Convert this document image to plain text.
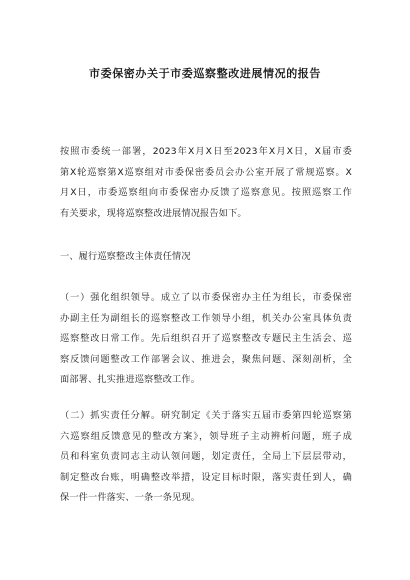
市委保密办关于市委巡察整改进展情况的报告
按照市委统一部署，2023年X月X日至2023年X月X日，X届市委
第X轮巡察第X巡察组对市委保密委员会办公室开展了常规巡察。X
月X日，市委巡察组向市委保密办反馈了巡察意见。按照巡察工作
有关要求，现将巡察整改进展情况报告如下。
一、履行巡察整改主体责任情况
（一）强化组织领导。成立了以市委保密办主任为组长，市委保密
办副主任为副组长的巡察整改工作领导小组，机关办公室具体负责
巡察整改日常工作。先后组织召开了巡察整改专题民主生活会、巡
察反馈问题整改工作部署会议、推进会，聚焦问题、深刻剖析，全
面部署、扎实推进巡察整改工作。
（二）抓实责任分解。研究制定《关于落实五届市委第四轮巡察第
六巡察组反馈意见的整改方案》，领导班子主动辨析问题，班子成
员和科室负责同志主动认领问题，划定责任，全局上下层层带动，
制定整改台账，明确整改举措，设定目标时限，落实责任到人，确
保一件一件落实、一条一条见现。
